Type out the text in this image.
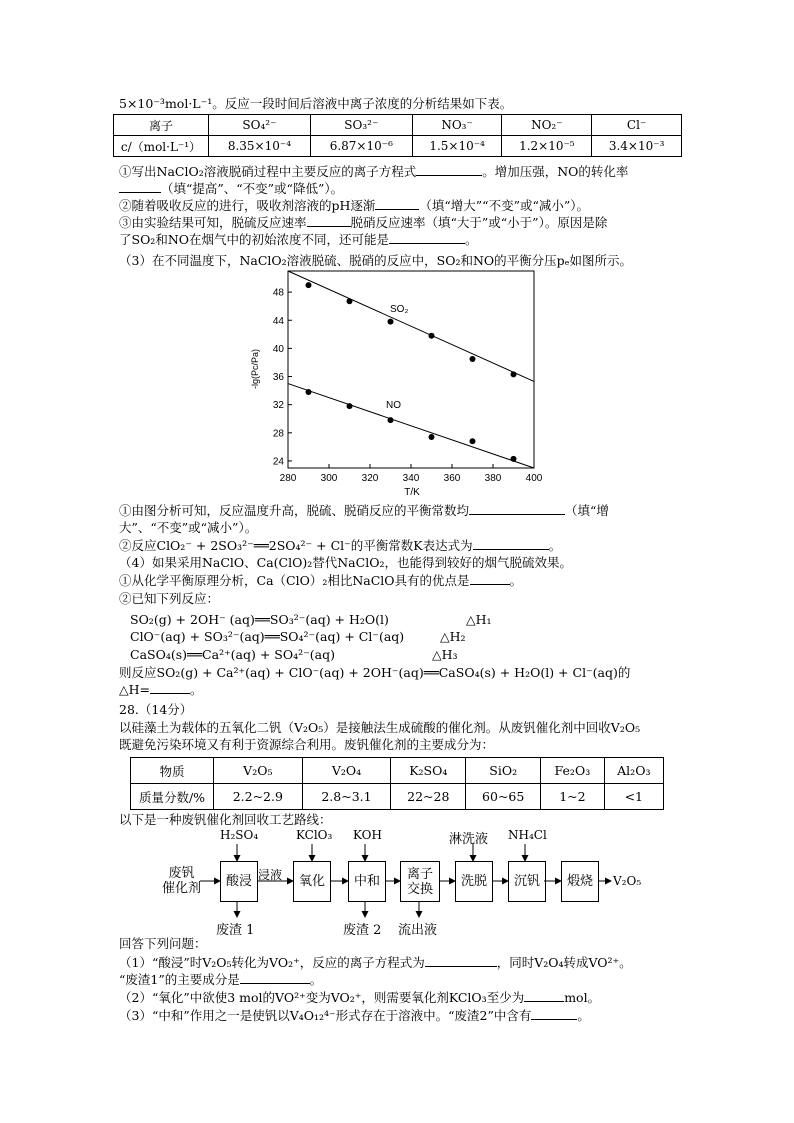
5×10⁻³mol·L⁻¹。反应一段时间后溶液中离子浓度的分析结果如下表。
离子	SO₄²⁻	SO₃²⁻	NO₃⁻	NO₂⁻	Cl⁻
c/（mol·L⁻¹）	8.35×10⁻⁴	6.87×10⁻⁶	1.5×10⁻⁴	1.2×10⁻⁵	3.4×10⁻³
①写出NaClO₂溶液脱硝过程中主要反应的离子方程式	。增加压强，NO的转化率
（填“提高”、“不变”或“降低”）。
②随着吸收反应的进行，吸收剂溶液的pH逐渐	（填“增大”“不变”或“减小”）。
③由实验结果可知，脱硫反应速率	脱硝反应速率（填“大于”或“小于”）。原因是除
了SO₂和NO在烟气中的初始浓度不同，还可能是	。
（3）在不同温度下，NaClO₂溶液脱硫、脱硝的反应中，SO₂和NO的平衡分压pₑ如图所示。
280 300 320 340 360 380 400
24
28
32
36
40
44
48
SO₂
NO
T/K
-lg(Pc/Pa)
①由图分析可知，反应温度升高，脱硫、脱硝反应的平衡常数均	（填“增
大”、“不变”或“减小”）。
②反应ClO₂⁻ + 2SO₃²⁻══2SO₄²⁻ + Cl⁻的平衡常数K表达式为	。
（4）如果采用NaClO、Ca(ClO)₂替代NaClO₂，也能得到较好的烟气脱硫效果。
①从化学平衡原理分析，Ca（ClO）₂相比NaClO具有的优点是	。
②已知下列反应：
SO₂(g) + 2OH⁻ (aq)══SO₃²⁻(aq) + H₂O(l)	△H₁
ClO⁻(aq) + SO₃²⁻(aq)══SO₄²⁻(aq) + Cl⁻(aq)	△H₂
CaSO₄(s)══Ca²⁺(aq) + SO₄²⁻(aq)	△H₃
则反应SO₂(g) + Ca²⁺(aq) + ClO⁻(aq) + 2OH⁻(aq)══CaSO₄(s) + H₂O(l) + Cl⁻(aq)的
△H=	。
28.（14分）
以硅藻土为载体的五氧化二钒（V₂O₅）是接触法生成硫酸的催化剂。从废钒催化剂中回收V₂O₅
既避免污染环境又有利于资源综合利用。废钒催化剂的主要成分为：
物质	V₂O₅	V₂O₄	K₂SO₄	SiO₂	Fe₂O₃	Al₂O₃
质量分数/%	2.2~2.9	2.8~3.1	22~28	60~65	1~2	<1
以下是一种废钒催化剂回收工艺路线：
废钒
催化剂	酸浸	氧化	中和	离子
交换	洗脱	沉钒	煅烧
浸液	V₂O₅
H₂SO₄	KClO₃ KOH	淋洗液 NH₄Cl
废渣 1	废渣 2 流出液
回答下列问题：
（1）“酸浸”时V₂O₅转化为VO₂⁺，反应的离子方程式为	，同时V₂O₄转成VO²⁺。
“废渣1”的主要成分是	。
（2）“氧化”中欲使3 mol的VO²⁺变为VO₂⁺，则需要氧化剂KClO₃至少为	mol。
（3）“中和”作用之一是使钒以V₄O₁₂⁴⁻形式存在于溶液中。“废渣2”中含有	。
